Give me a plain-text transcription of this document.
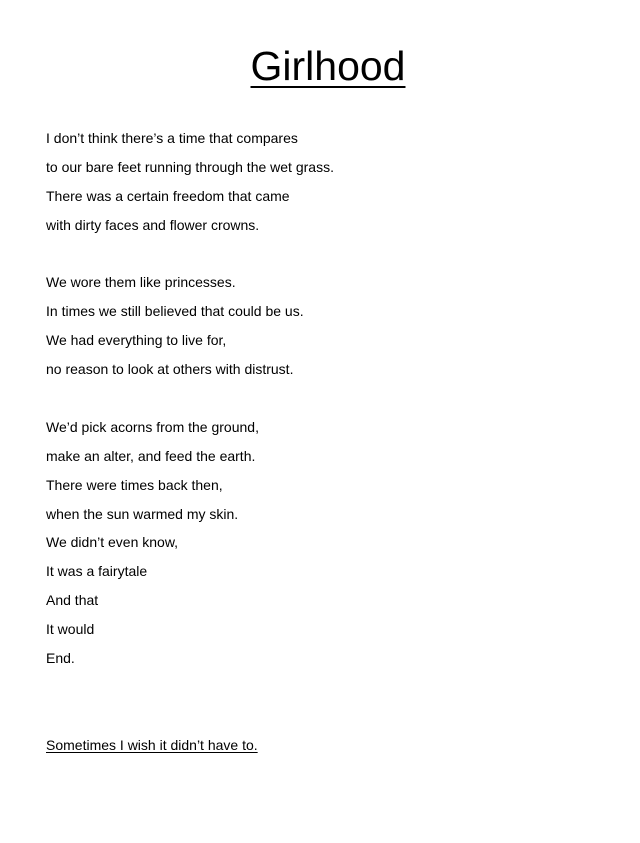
Girlhood
I don’t think there’s a time that compares
to our bare feet running through the wet grass.
There was a certain freedom that came
with dirty faces and flower crowns.
We wore them like princesses.
In times we still believed that could be us.
We had everything to live for,
no reason to look at others with distrust.
We’d pick acorns from the ground,
make an alter, and feed the earth.
There were times back then,
when the sun warmed my skin.
We didn’t even know,
It was a fairytale
And that
It would
End.
Sometimes I wish it didn’t have to.
